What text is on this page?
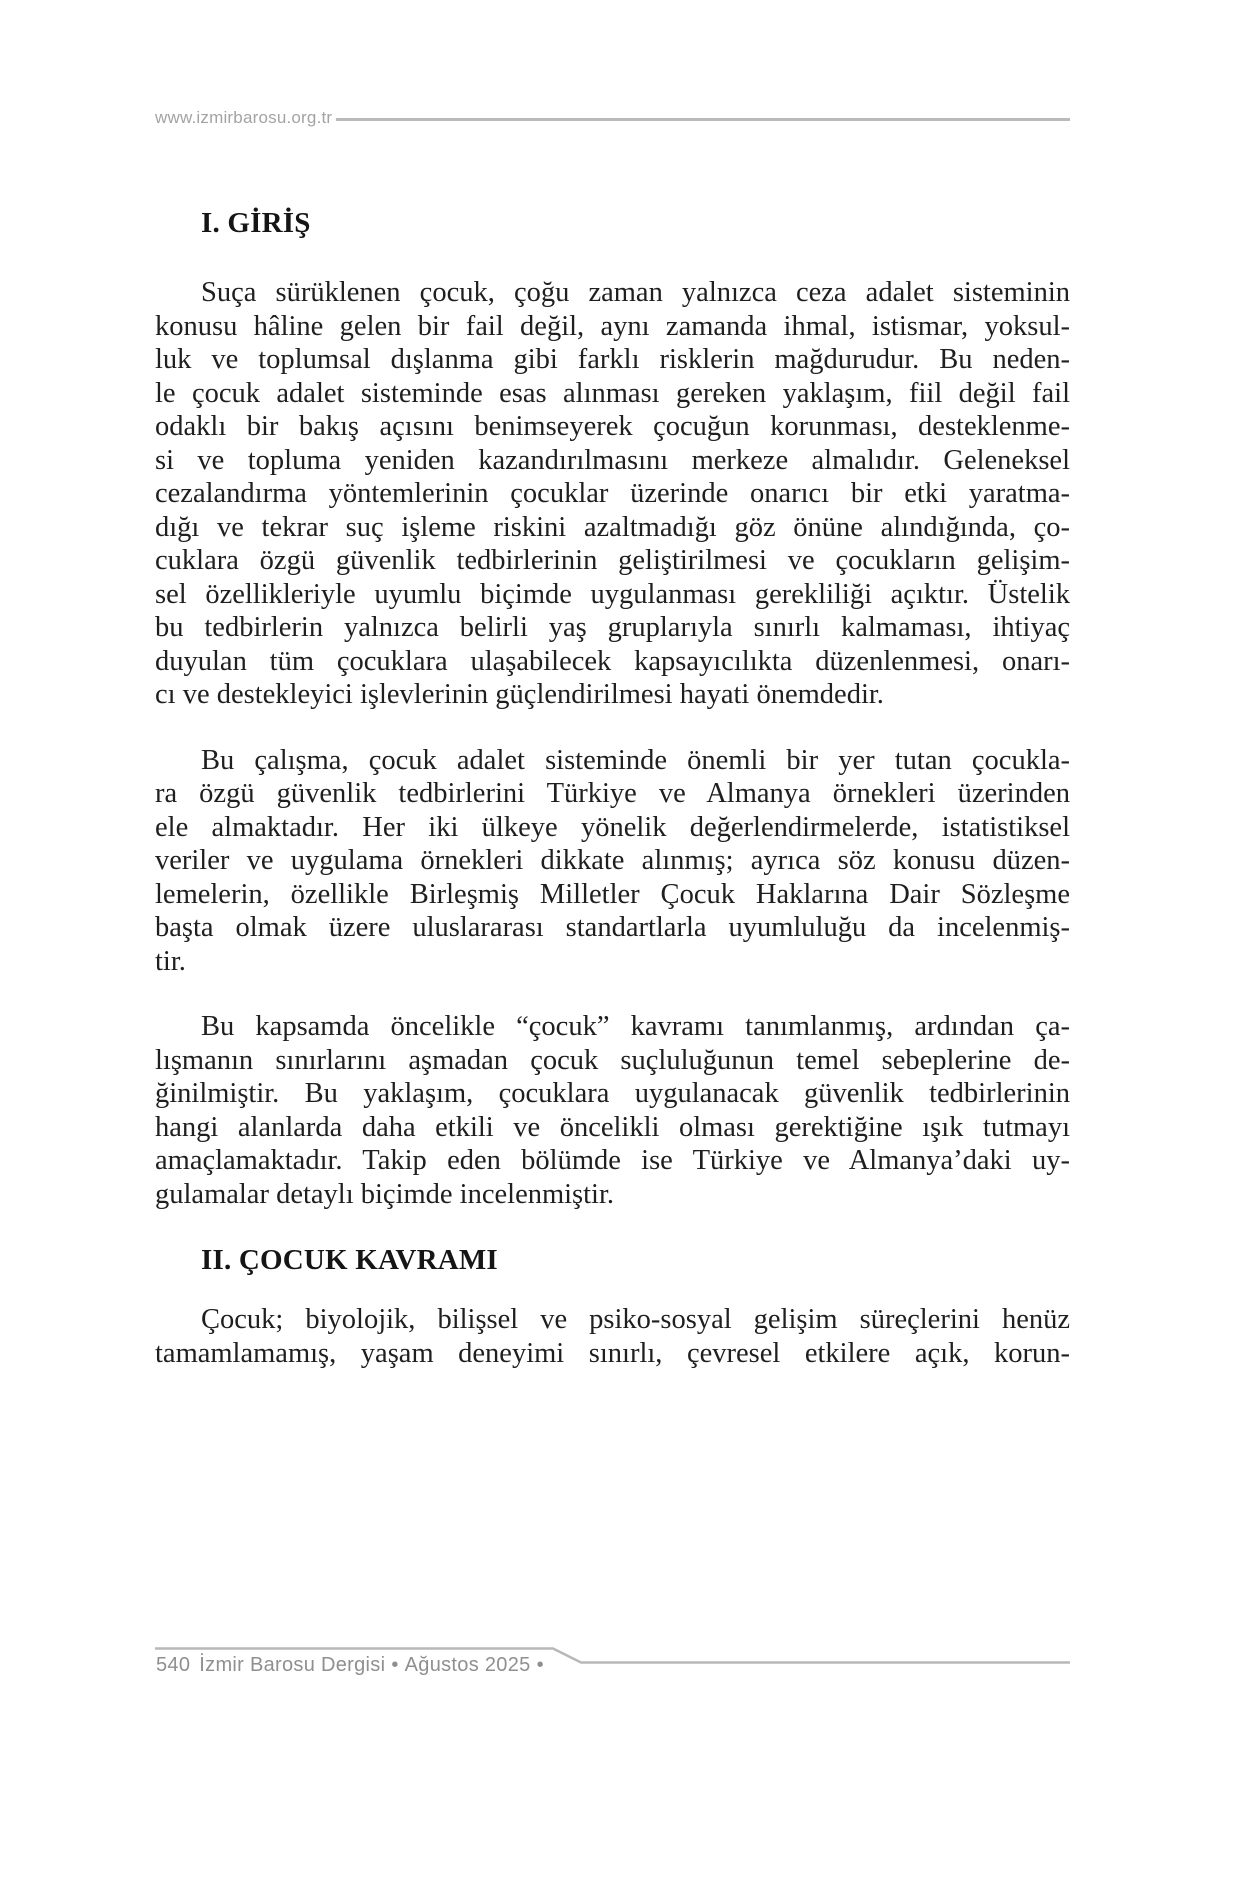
www.izmirbarosu.org.tr
I. GİRİŞ
Suça sürüklenen çocuk, çoğu zaman yalnızca ceza adalet sisteminin
konusu hâline gelen bir fail değil, aynı zamanda ihmal, istismar, yoksul-
luk ve toplumsal dışlanma gibi farklı risklerin mağdurudur. Bu neden-
le çocuk adalet sisteminde esas alınması gereken yaklaşım, fiil değil fail
odaklı bir bakış açısını benimseyerek çocuğun korunması, desteklenme-
si ve topluma yeniden kazandırılmasını merkeze almalıdır. Geleneksel
cezalandırma yöntemlerinin çocuklar üzerinde onarıcı bir etki yaratma-
dığı ve tekrar suç işleme riskini azaltmadığı göz önüne alındığında, ço-
cuklara özgü güvenlik tedbirlerinin geliştirilmesi ve çocukların gelişim-
sel özellikleriyle uyumlu biçimde uygulanması gerekliliği açıktır. Üstelik
bu tedbirlerin yalnızca belirli yaş gruplarıyla sınırlı kalmaması, ihtiyaç
duyulan tüm çocuklara ulaşabilecek kapsayıcılıkta düzenlenmesi, onarı-
cı ve destekleyici işlevlerinin güçlendirilmesi hayati önemdedir.
Bu çalışma, çocuk adalet sisteminde önemli bir yer tutan çocukla-
ra özgü güvenlik tedbirlerini Türkiye ve Almanya örnekleri üzerinden
ele almaktadır. Her iki ülkeye yönelik değerlendirmelerde, istatistiksel
veriler ve uygulama örnekleri dikkate alınmış; ayrıca söz konusu düzen-
lemelerin, özellikle Birleşmiş Milletler Çocuk Haklarına Dair Sözleşme
başta olmak üzere uluslararası standartlarla uyumluluğu da incelenmiş-
tir.
Bu kapsamda öncelikle “çocuk” kavramı tanımlanmış, ardından ça-
lışmanın sınırlarını aşmadan çocuk suçluluğunun temel sebeplerine de-
ğinilmiştir. Bu yaklaşım, çocuklara uygulanacak güvenlik tedbirlerinin
hangi alanlarda daha etkili ve öncelikli olması gerektiğine ışık tutmayı
amaçlamaktadır. Takip eden bölümde ise Türkiye ve Almanya’daki uy-
gulamalar detaylı biçimde incelenmiştir.
II. ÇOCUK KAVRAMI
Çocuk; biyolojik, bilişsel ve psiko-sosyal gelişim süreçlerini henüz
tamamlamamış, yaşam deneyimi sınırlı, çevresel etkilere açık, korun-
540 İzmir Barosu Dergisi • Ağustos 2025 •
